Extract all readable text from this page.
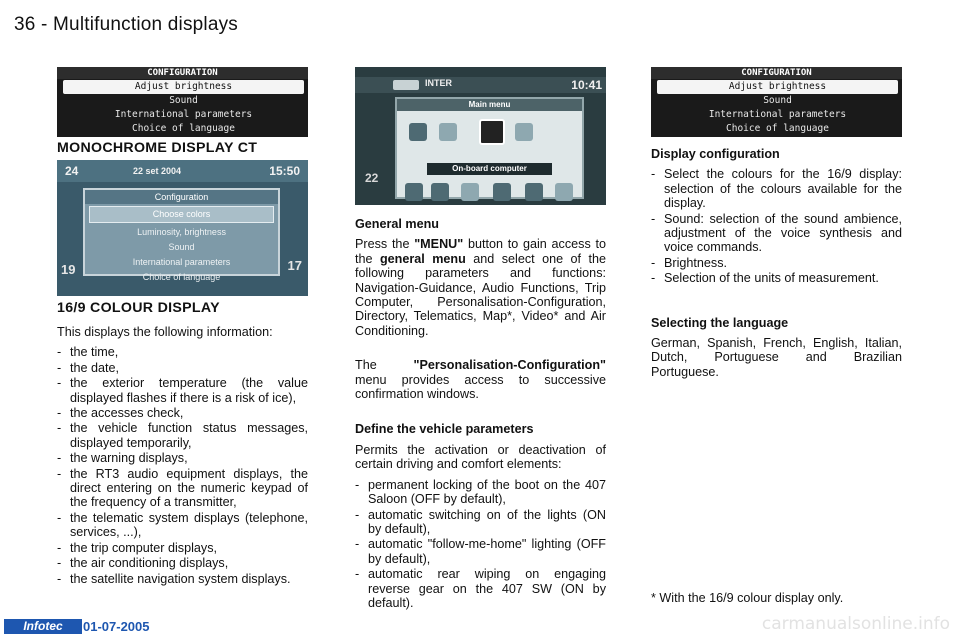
36 - Multifunction displays
CONFIGURATION
Adjust brightness
Sound
International parameters
Choice of language
MONOCHROME DISPLAY CT
24	22 set 2004	15:50
Configuration
Choose colors
Luminosity, brightness
Sound
International parameters
Choice of language
19	17
16/9 COLOUR DISPLAY

This displays the following information:

- the time,
- the date,
- the exterior temperature (the value displayed flashes if there is a risk of ice),
- the accesses check,
- the vehicle function status messages, displayed temporarily,
- the warning displays,
- the RT3 audio equipment displays, the direct entering on the numeric keypad of the frequency of a transmitter,
- the telematic system displays (telephone, services, ...),
- the trip computer displays,
- the air conditioning displays,
- the satellite navigation system displays.
INTER	10:41
22
Main menu
On-board computer
General menu

Press the "MENU" button to gain access to the general menu and select one of the following parameters and functions: Navigation-Guidance, Audio Functions, Trip Computer, Personalisation-Configuration, Directory, Telematics, Map*, Video* and Air Conditioning.

The "Personalisation-Configuration" menu provides access to successive confirmation windows.

Define the vehicle parameters

Permits the activation or deactivation of certain driving and comfort elements:

- permanent locking of the boot on the 407 Saloon (OFF by default),
- automatic switching on of the lights (ON by default),
- automatic "follow-me-home" lighting (OFF by default),
- automatic rear wiping on engaging reverse gear on the 407 SW (ON by default).
CONFIGURATION
Adjust brightness
Sound
International parameters
Choice of language
Display configuration
- Select the colours for the 16/9 display: selection of the colours available for the display.
- Sound: selection of the sound ambience, adjustment of the voice synthesis and voice commands.
- Brightness.
- Selection of the units of measurement.
Selecting the language

German, Spanish, French, English, Italian, Dutch, Portuguese and Brazilian Portuguese.

* With the 16/9 colour display only.
Infotec	01-07-2005	carmanualsonline.info
